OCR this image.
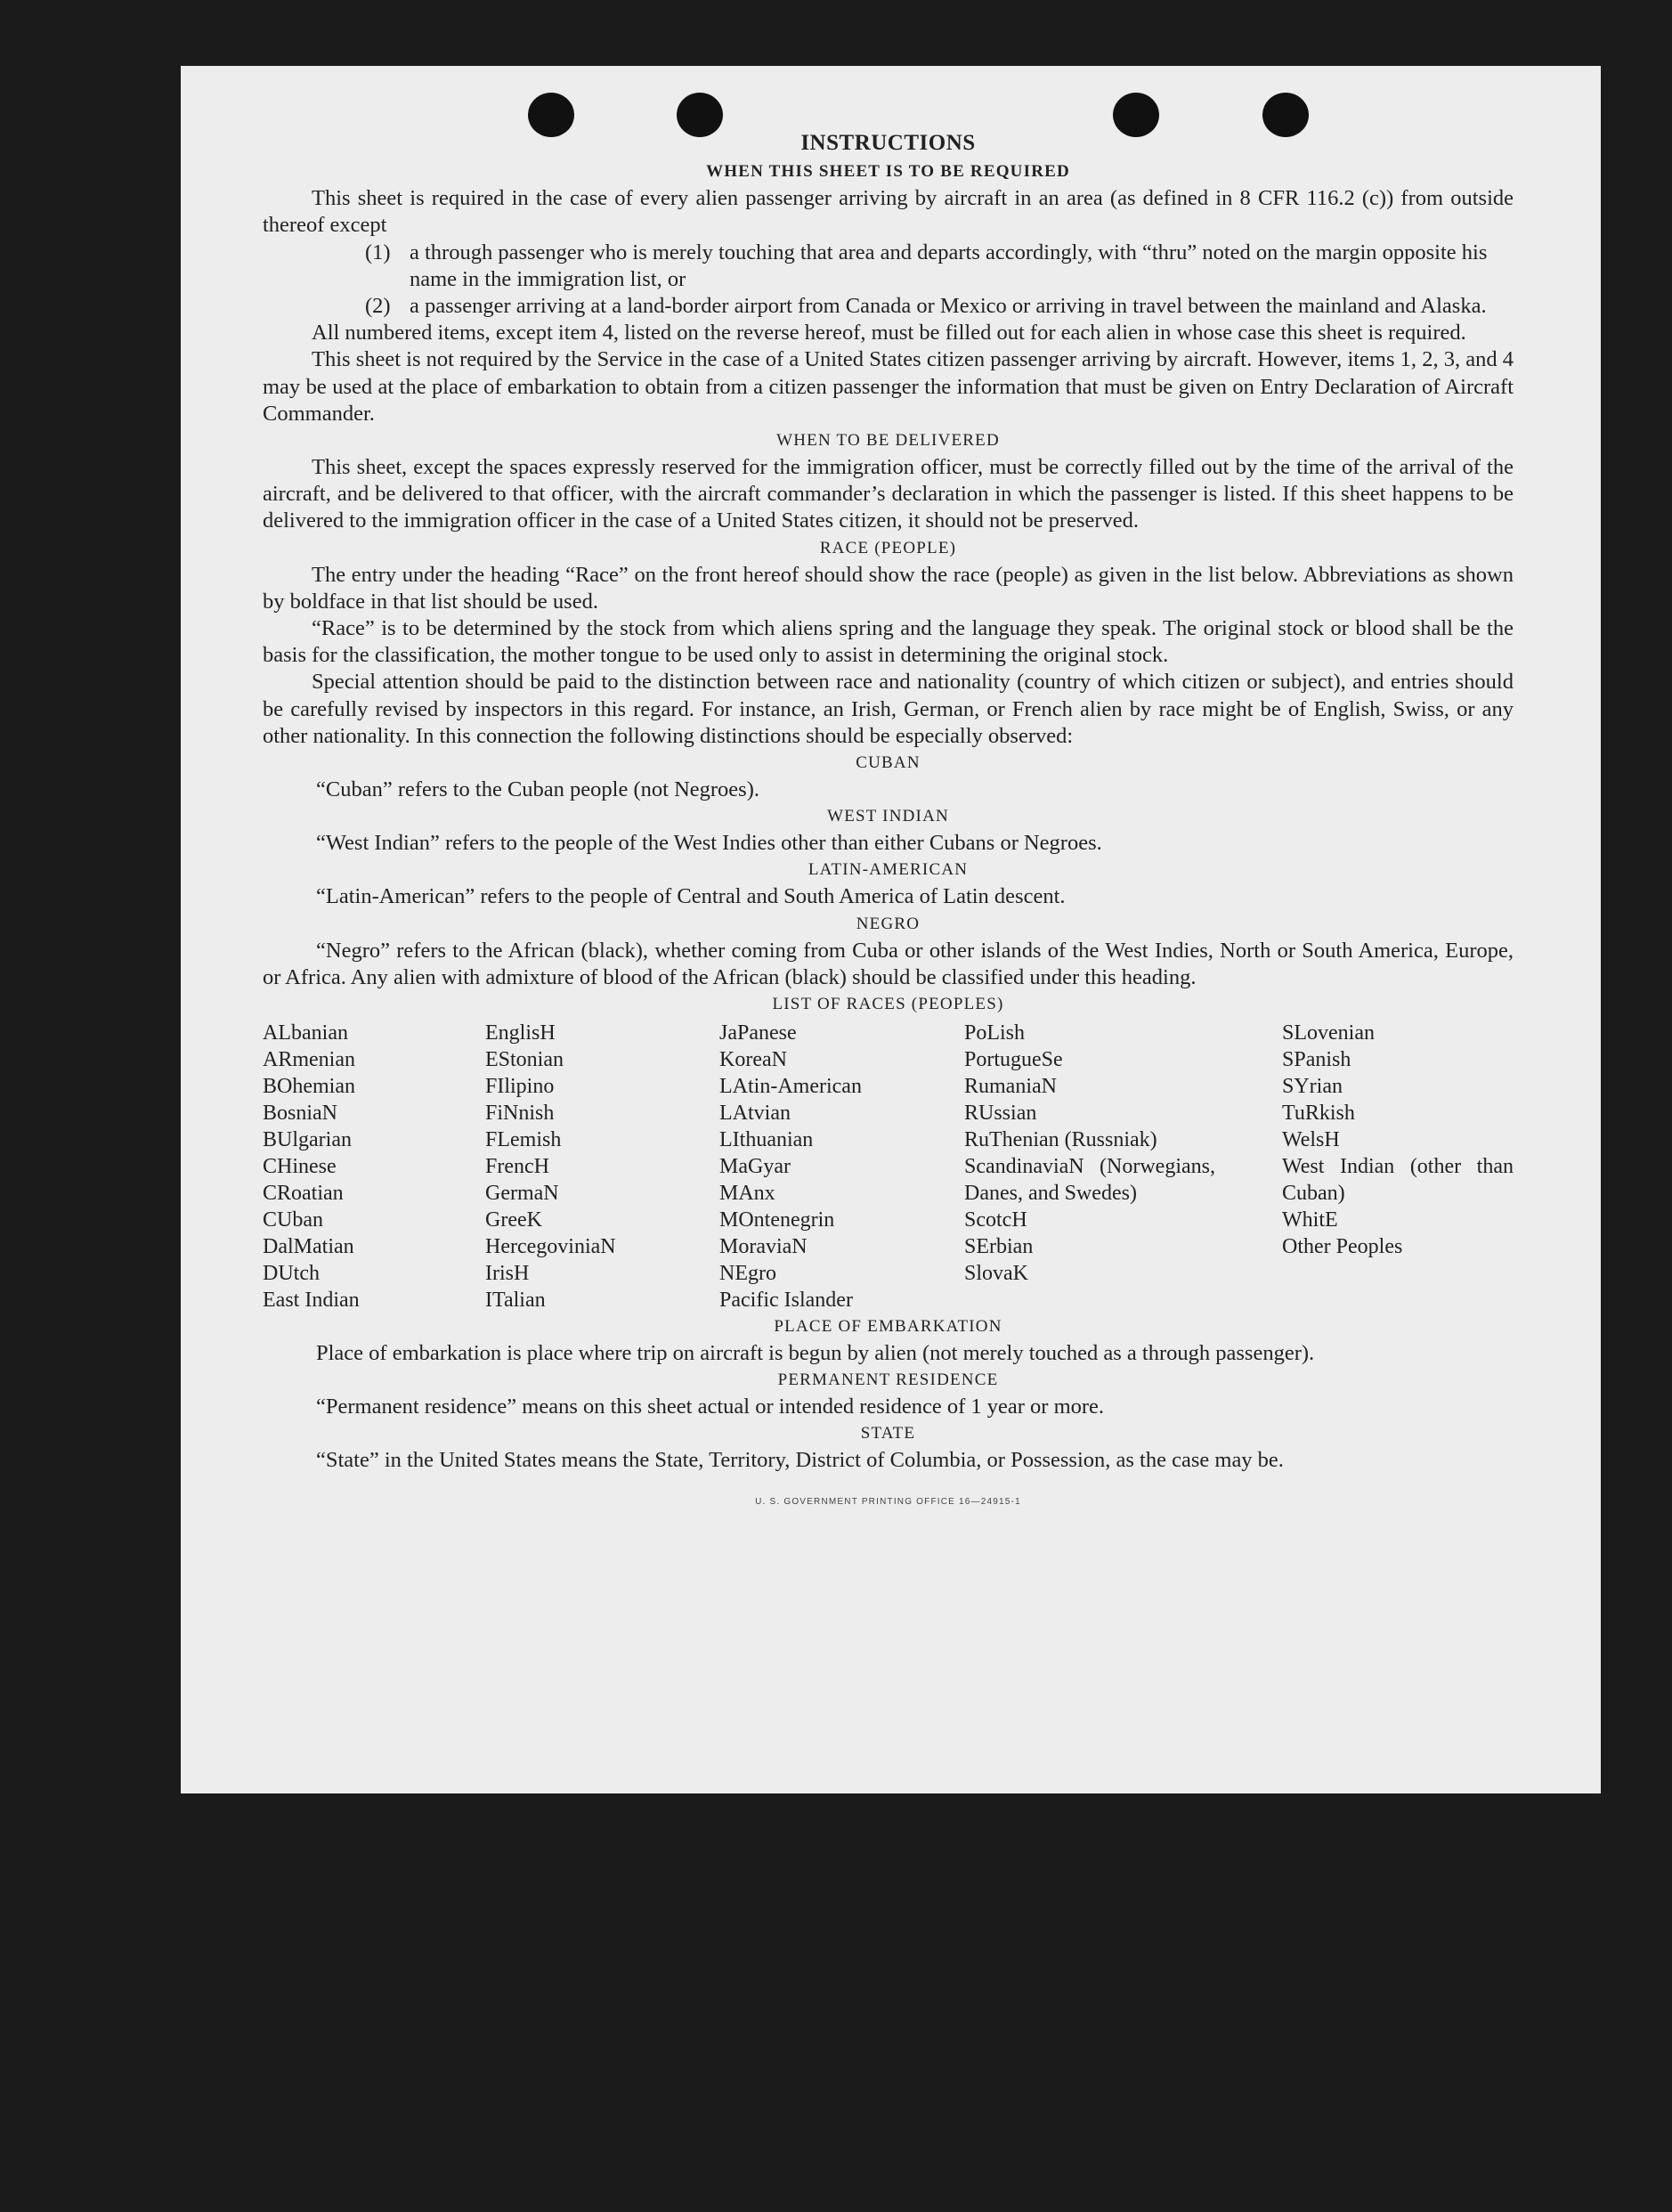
INSTRUCTIONS
WHEN THIS SHEET IS TO BE REQUIRED

This sheet is required in the case of every alien passenger arriving by aircraft in an area (as defined in 8 CFR 116.2 (c)) from outside thereof except

(1) a through passenger who is merely touching that area and departs accordingly, with “thru” noted on the margin opposite his name in the immigration list, or
(2) a passenger arriving at a land-border airport from Canada or Mexico or arriving in travel between the mainland and Alaska.

All numbered items, except item 4, listed on the reverse hereof, must be filled out for each alien in whose case this sheet is required.

This sheet is not required by the Service in the case of a United States citizen passenger arriving by aircraft. However, items 1, 2, 3, and 4 may be used at the place of embarkation to obtain from a citizen passenger the information that must be given on Entry Declaration of Aircraft Commander.

WHEN TO BE DELIVERED

This sheet, except the spaces expressly reserved for the immigration officer, must be correctly filled out by the time of the arrival of the aircraft, and be delivered to that officer, with the aircraft commander’s declaration in which the passenger is listed. If this sheet happens to be delivered to the immigration officer in the case of a United States citizen, it should not be preserved.

RACE (PEOPLE)

The entry under the heading “Race” on the front hereof should show the race (people) as given in the list below. Abbreviations as shown by boldface in that list should be used.

“Race” is to be determined by the stock from which aliens spring and the language they speak. The original stock or blood shall be the basis for the classification, the mother tongue to be used only to assist in determining the original stock.

Special attention should be paid to the distinction between race and nationality (country of which citizen or subject), and entries should be carefully revised by inspectors in this regard. For instance, an Irish, German, or French alien by race might be of English, Swiss, or any other nationality. In this connection the following distinctions should be especially observed:

CUBAN

“Cuban” refers to the Cuban people (not Negroes).

WEST INDIAN

“West Indian” refers to the people of the West Indies other than either Cubans or Negroes.

LATIN-AMERICAN

“Latin-American” refers to the people of Central and South America of Latin descent.

NEGRO

“Negro” refers to the African (black), whether coming from Cuba or other islands of the West Indies, North or South America, Europe, or Africa. Any alien with admixture of blood of the African (black) should be classified under this heading.

LIST OF RACES (PEOPLES)
ALbanian
ARmenian
BOhemian
BosniaN
BUlgarian
CHinese
CRoatian
CUban
DalMatian
DUtch
East Indian
EnglisH
EStonian
FIlipino
FiNnish
FLemish
FrencH
GermaN
GreeK
HercegoviniaN
IrisH
ITalian
JaPanese
KoreaN
LAtin-American
LAtvian
LIthuanian
MaGyar
MAnx
MOntenegrin
MoraviaN
NEgro
Pacific Islander
PoLish
PortugueSe
RumaniaN
RUssian
RuThenian (Russniak)
ScandinaviaN (Norwegians, Danes, and Swedes)
ScotcH
SErbian
SlovaK
SLovenian
SPanish
SYrian
TuRkish
WelsH
West Indian (other than Cuban)
WhitE
Other Peoples
PLACE OF EMBARKATION

Place of embarkation is place where trip on aircraft is begun by alien (not merely touched as a through passenger).

PERMANENT RESIDENCE

“Permanent residence” means on this sheet actual or intended residence of 1 year or more.

STATE

“State” in the United States means the State, Territory, District of Columbia, or Possession, as the case may be.

U. S. GOVERNMENT PRINTING OFFICE 16—24915-1
